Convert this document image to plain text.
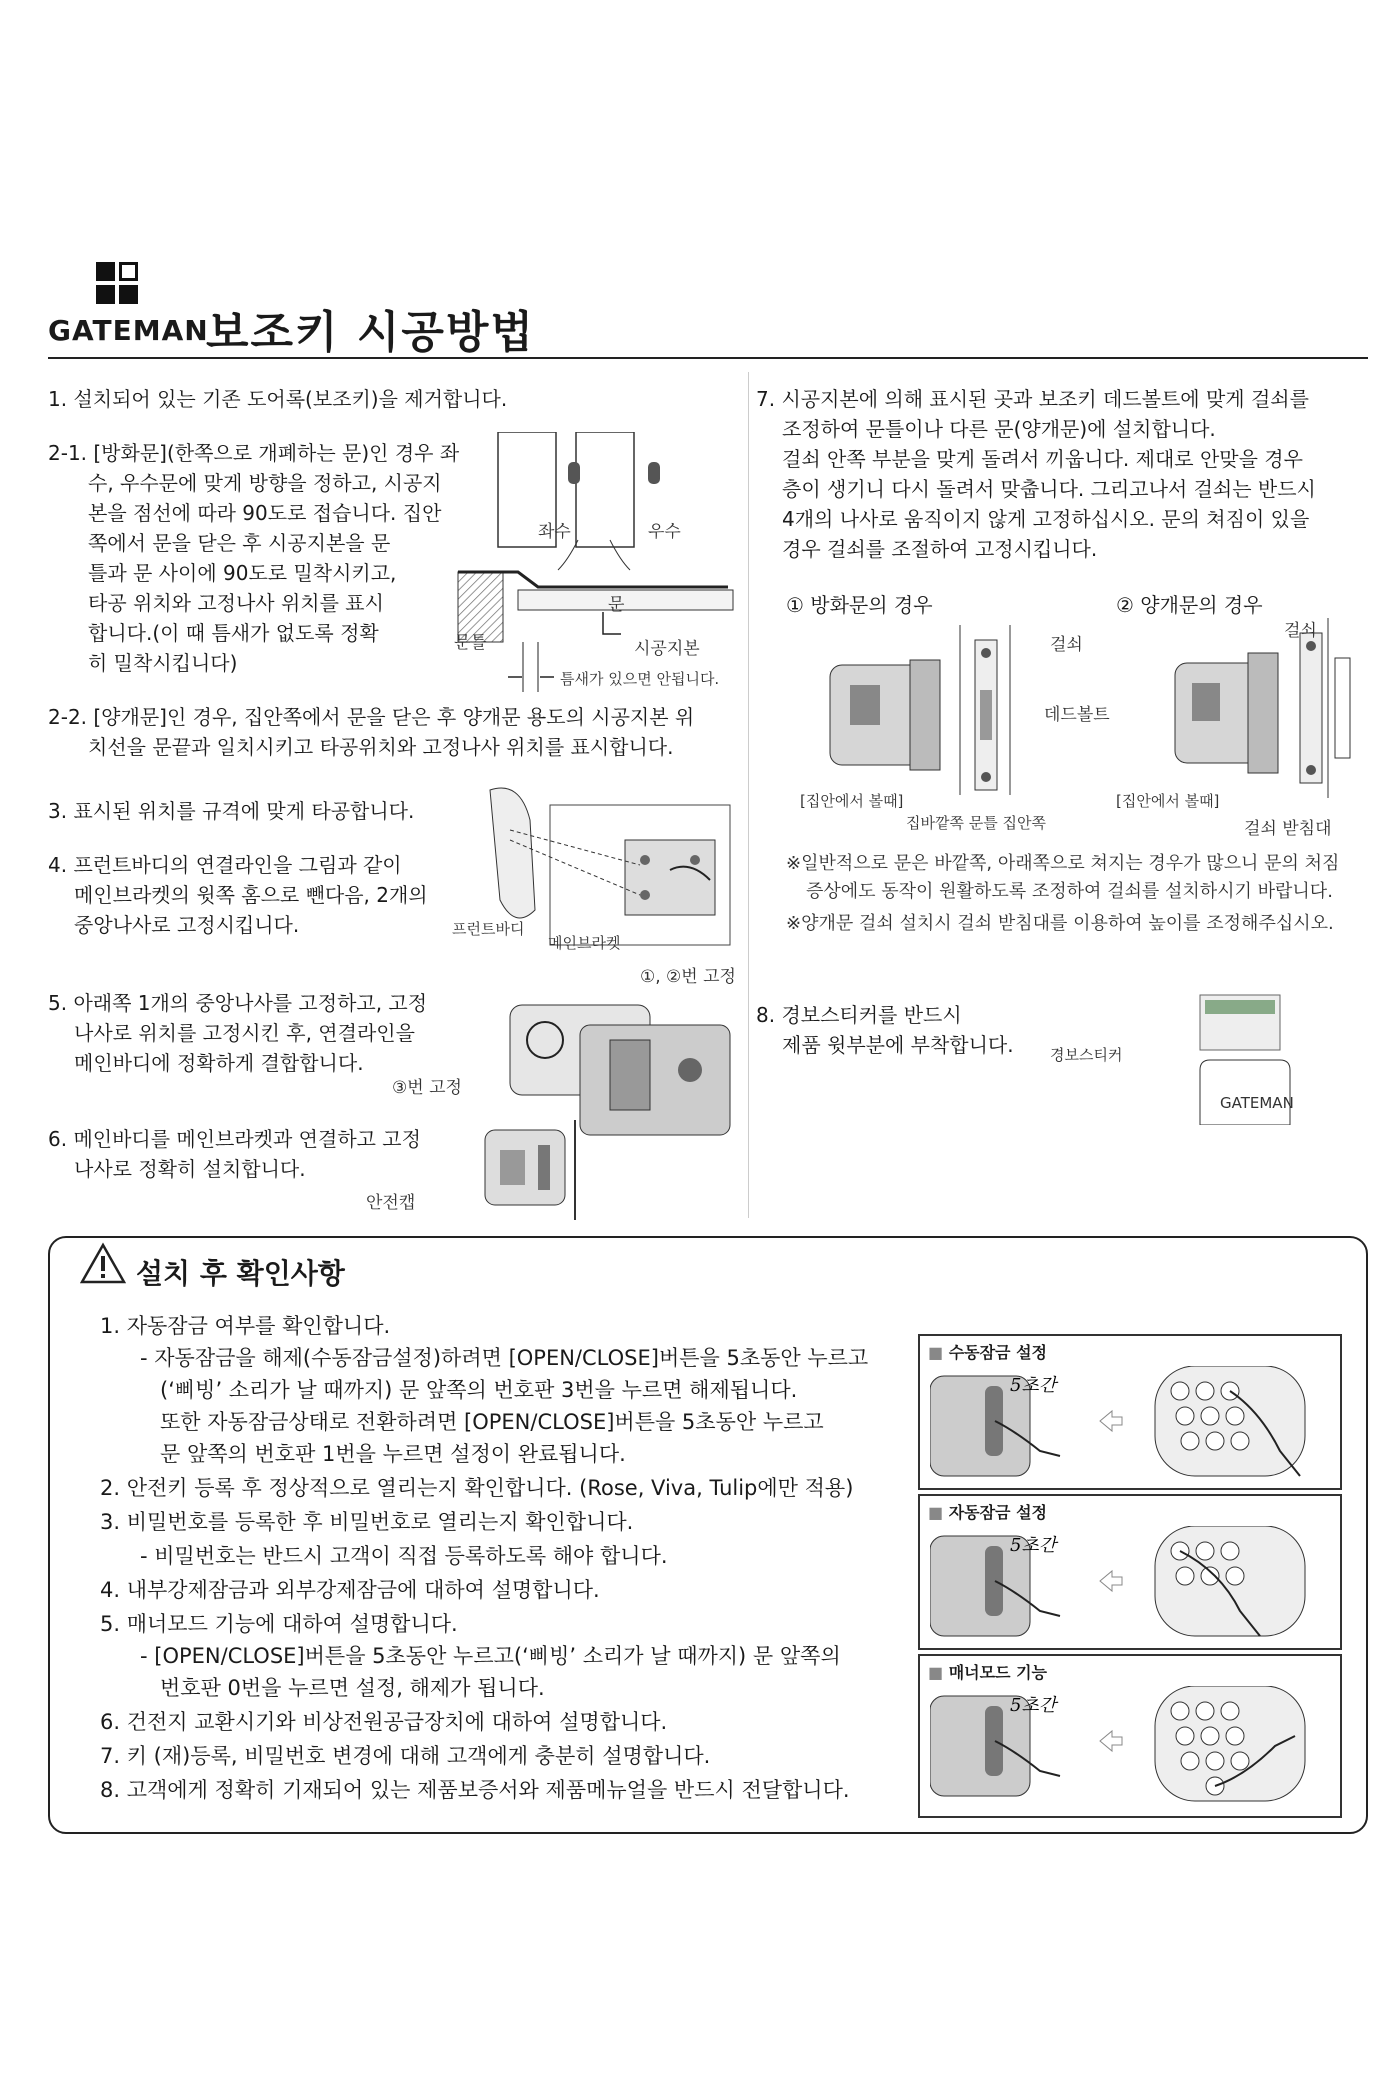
GATEMAN
보조키 시공방법
1. 설치되어 있는 기존 도어록(보조키)을 제거합니다.
2-1. [방화문](한쪽으로 개폐하는 문)인 경우 좌
수, 우수문에 맞게 방향을 정하고, 시공지
본을 점선에 따라 90도로 접습니다. 집안
쪽에서 문을 닫은 후 시공지본을 문
틀과 문 사이에 90도로 밀착시키고,
타공 위치와 고정나사 위치를 표시
합니다.(이 때 틈새가 없도록 정확
히 밀착시킵니다)
좌수	우수
문
문틀	시공지본
틈새가 있으면 안됩니다.
2-2. [양개문]인 경우, 집안쪽에서 문을 닫은 후 양개문 용도의 시공지본 위
치선을 문끝과 일치시키고 타공위치와 고정나사 위치를 표시합니다.
3. 표시된 위치를 규격에 맞게 타공합니다.
4. 프런트바디의 연결라인을 그림과 같이
메인브라켓의 윗쪽 홈으로 뺀다음, 2개의
중앙나사로 고정시킵니다.	프런트바디
메인브라켓
①, ②번 고정
5. 아래쪽 1개의 중앙나사를 고정하고, 고정
나사로 위치를 고정시킨 후, 연결라인을
메인바디에 정확하게 결합합니다.
③번 고정
6. 메인바디를 메인브라켓과 연결하고 고정
나사로 정확히 설치합니다.
안전캡
7. 시공지본에 의해 표시된 곳과 보조키 데드볼트에 맞게 걸쇠를
조정하여 문틀이나 다른 문(양개문)에 설치합니다.
걸쇠 안쪽 부분을 맞게 돌려서 끼웁니다. 제대로 안맞을 경우
층이 생기니 다시 돌려서 맞춥니다. 그리고나서 걸쇠는 반드시
4개의 나사로 움직이지 않게 고정하십시오. 문의 쳐짐이 있을
경우 걸쇠를 조절하여 고정시킵니다.
① 방화문의 경우	② 양개문의 경우
걸쇠
데드볼트
[집안에서 볼때]
집바깥쪽 문틀 집안쪽
걸쇠
[집안에서 볼때]
걸쇠 받침대
※일반적으로 문은 바깥쪽, 아래쪽으로 쳐지는 경우가 많으니 문의 처짐
증상에도 동작이 원활하도록 조정하여 걸쇠를 설치하시기 바랍니다.
※양개문 걸쇠 설치시 걸쇠 받침대를 이용하여 높이를 조정해주십시오.
8. 경보스티커를 반드시
제품 윗부분에 부착합니다.
GATEMAN
경보스티커
설치 후 확인사항
1. 자동잠금 여부를 확인합니다.
- 자동잠금을 해제(수동잠금설정)하려면 [OPEN/CLOSE]버튼을 5초동안 누르고
(‘삐빙’ 소리가 날 때까지) 문 앞쪽의 번호판 3번을 누르면 해제됩니다.
또한 자동잠금상태로 전환하려면 [OPEN/CLOSE]버튼을 5초동안 누르고
문 앞쪽의 번호판 1번을 누르면 설정이 완료됩니다.
2. 안전키 등록 후 정상적으로 열리는지 확인합니다. (Rose, Viva, Tulip에만 적용)
3. 비밀번호를 등록한 후 비밀번호로 열리는지 확인합니다.
- 비밀번호는 반드시 고객이 직접 등록하도록 해야 합니다.
4. 내부강제잠금과 외부강제잠금에 대하여 설명합니다.
5. 매너모드 기능에 대하여 설명합니다.
- [OPEN/CLOSE]버튼을 5초동안 누르고(‘삐빙’ 소리가 날 때까지) 문 앞쪽의
번호판 0번을 누르면 설정, 해제가 됩니다.
6. 건전지 교환시기와 비상전원공급장치에 대하여 설명합니다.
7. 키 (재)등록, 비밀번호 변경에 대해 고객에게 충분히 설명합니다.
8. 고객에게 정확히 기재되어 있는 제품보증서와 제품메뉴얼을 반드시 전달합니다.
■ 수동잠금 설정
5초간
■ 자동잠금 설정
5초간
■ 매너모드 기능
5초간
